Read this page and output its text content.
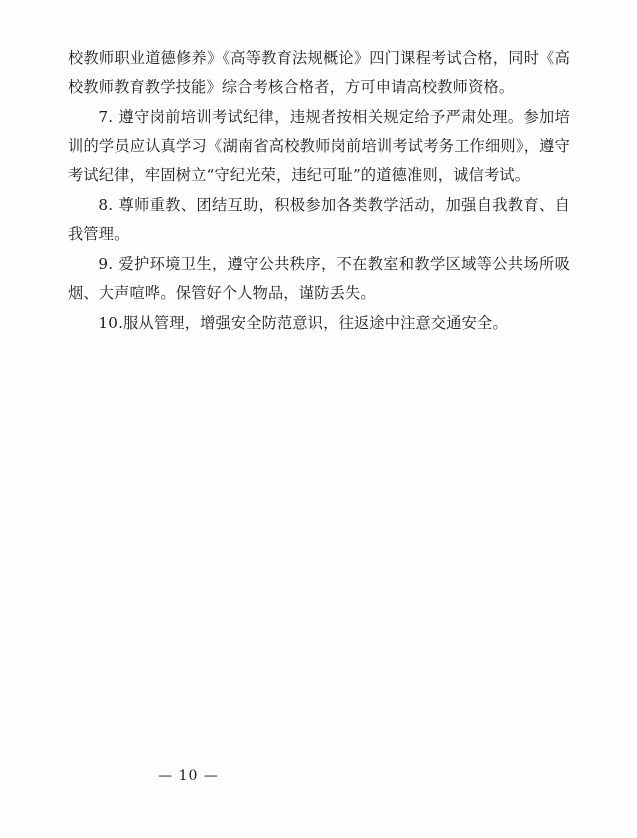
校教师职业道德修养》《高等教育法规概论》四门课程考试合格，同时《高校教师教育教学技能》综合考核合格者，方可申请高校教师资格。

7. 遵守岗前培训考试纪律，违规者按相关规定给予严肃处理。参加培训的学员应认真学习《湖南省高校教师岗前培训考试考务工作细则》，遵守考试纪律，牢固树立“守纪光荣，违纪可耻”的道德准则，诚信考试。

8. 尊师重教、团结互助，积极参加各类教学活动，加强自我教育、自我管理。

9. 爱护环境卫生，遵守公共秩序，不在教室和教学区域等公共场所吸烟、大声喧哗。保管好个人物品，谨防丢失。

10.服从管理，增强安全防范意识，往返途中注意交通安全。

— 10 —
